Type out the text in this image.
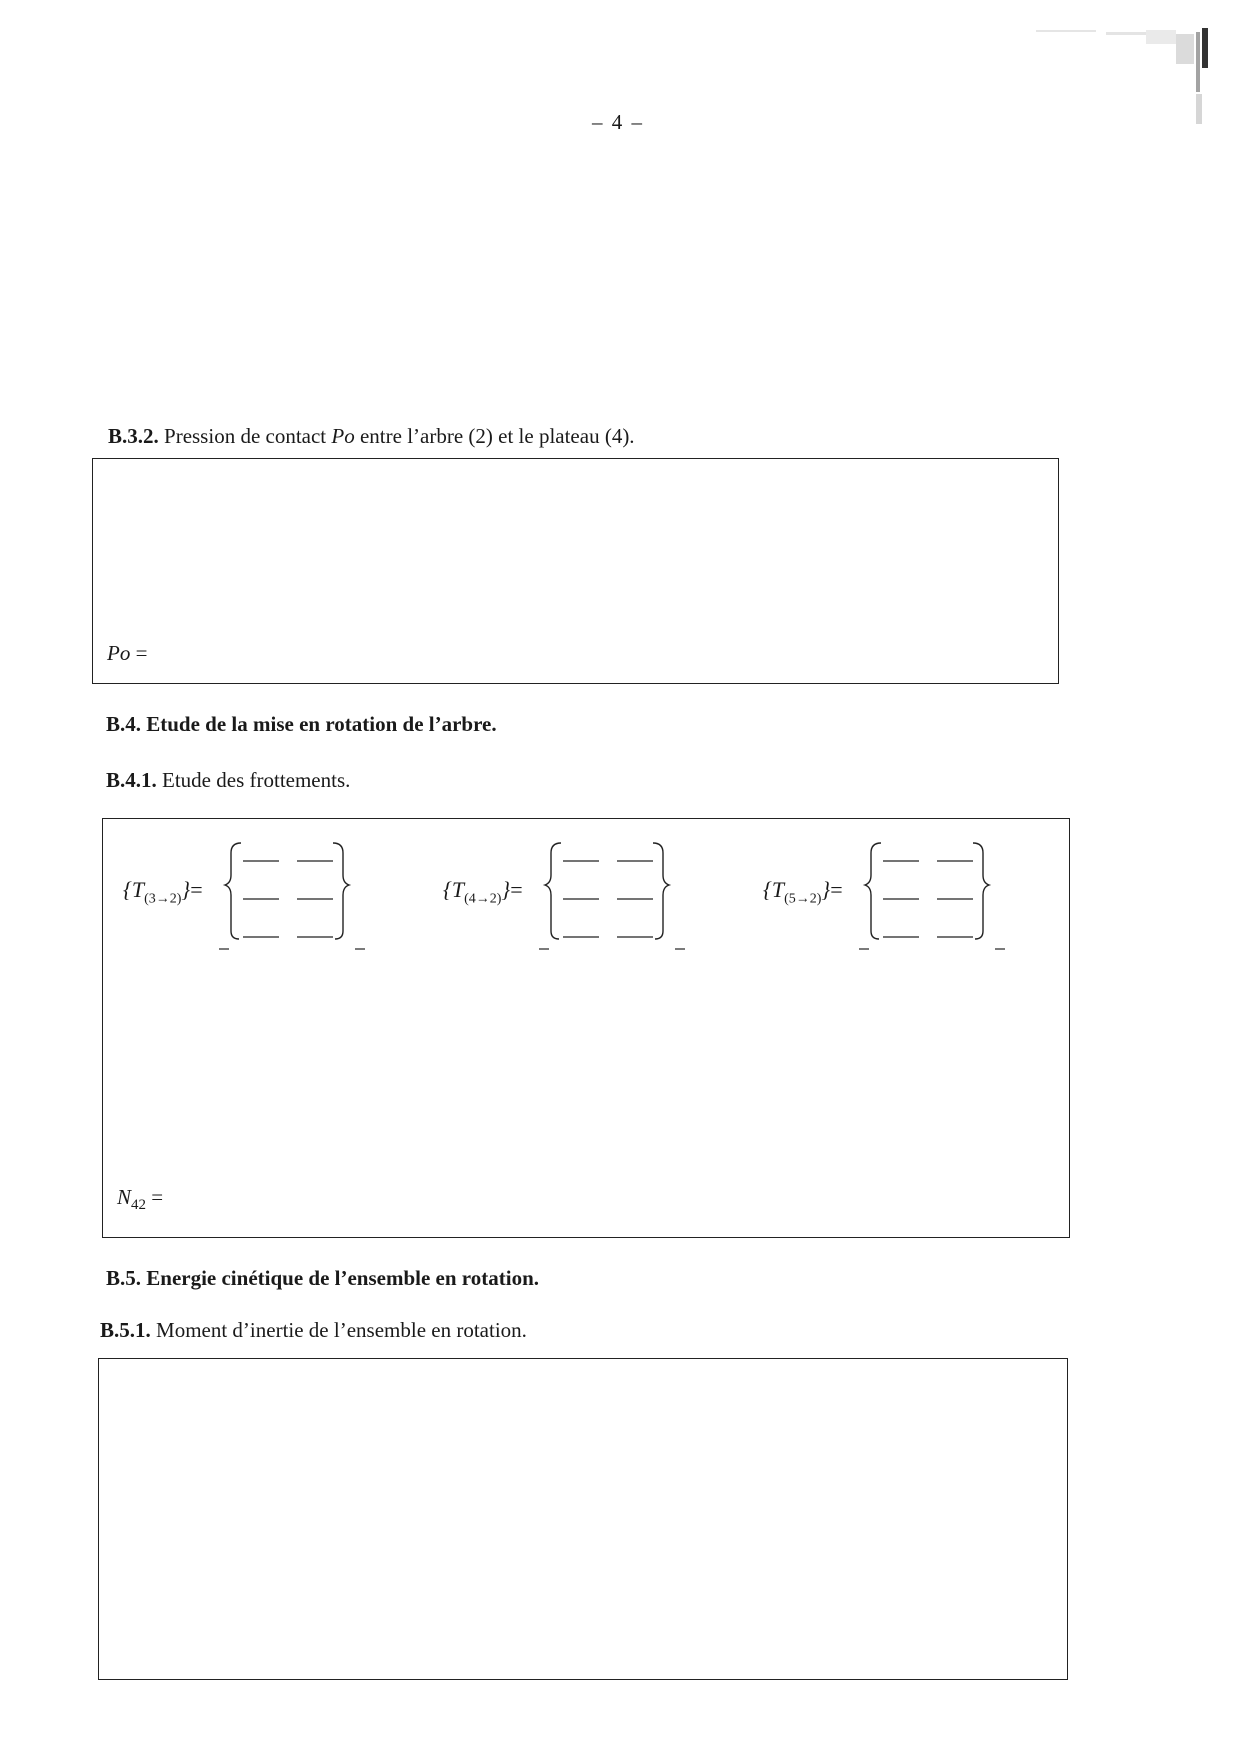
– 4 –
B.3.2. Pression de contact Po entre l’arbre (2) et le plateau (4).
Po =
B.4. Etude de la mise en rotation de l’arbre.
B.4.1. Etude des frottements.
$\{T_{(3\to 2)}\}=$	$\{T_{(4\to 2)}\}=$	$\{T_{(5\to 2)}\}=$
$N_{42}$ =
B.5. Energie cinétique de l’ensemble en rotation.
B.5.1. Moment d’inertie de l’ensemble en rotation.
